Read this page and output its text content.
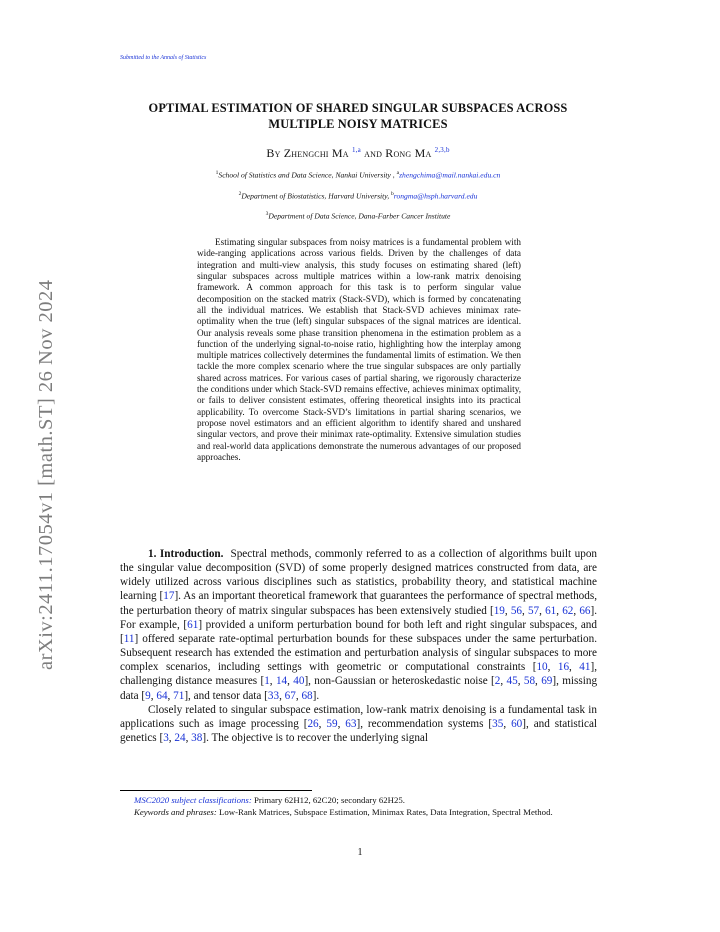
Submitted to the Annals of Statistics
OPTIMAL ESTIMATION OF SHARED SINGULAR SUBSPACES ACROSS
MULTIPLE NOISY MATRICES
By Zhengchi Ma $^{1,a}$ and Rong Ma $^{2,3,b}$
$^1$School of Statistics and Data Science, Nankai University , $^a$zhengchima@mail.nankai.edu.cn
$^2$Department of Biostatistics, Harvard University, $^b$rongma@hsph.harvard.edu
$^3$Department of Data Science, Dana-Farber Cancer Institute
Estimating singular subspaces from noisy matrices is a fundamental problem with wide-ranging applications across various fields. Driven by the challenges of data integration and multi-view analysis, this study focuses on estimating shared (left) singular subspaces across multiple matrices within a low-rank matrix denoising framework. A common approach for this task is to perform singular value decomposition on the stacked matrix (Stack-SVD), which is formed by concatenating all the individual matrices. We establish that Stack-SVD achieves minimax rate-optimality when the true (left) singular subspaces of the signal matrices are identical. Our analysis reveals some phase transition phenomena in the estimation problem as a function of the underlying signal-to-noise ratio, highlighting how the interplay among multiple matrices collectively determines the fundamental limits of estimation. We then tackle the more complex scenario where the true singular subspaces are only partially shared across matrices. For various cases of partial sharing, we rigorously characterize the conditions under which Stack-SVD remains effective, achieves minimax optimality, or fails to deliver consistent estimates, offering theoretical insights into its practical applicability. To overcome Stack-SVD’s limitations in partial sharing scenarios, we propose novel estimators and an efficient algorithm to identify shared and unshared singular vectors, and prove their minimax rate-optimality. Extensive simulation studies and real-world data applications demonstrate the numerous advantages of our proposed approaches.

1. Introduction. Spectral methods, commonly referred to as a collection of algorithms built upon the singular value decomposition (SVD) of some properly designed matrices constructed from data, are widely utilized across various disciplines such as statistics, probability theory, and statistical machine learning [17]. As an important theoretical framework that guarantees the performance of spectral methods, the perturbation theory of matrix singular subspaces has been extensively studied [19, 56, 57, 61, 62, 66]. For example, [61] provided a uniform perturbation bound for both left and right singular subspaces, and [11] offered separate rate-optimal perturbation bounds for these subspaces under the same perturbation. Subsequent research has extended the estimation and perturbation analysis of singular subspaces to more complex scenarios, including settings with geometric or computational constraints [10, 16, 41], challenging distance measures [1, 14, 40], non-Gaussian or heteroskedastic noise [2, 45, 58, 69], missing data [9, 64, 71], and tensor data [33, 67, 68].

Closely related to singular subspace estimation, low-rank matrix denoising is a fundamental task in applications such as image processing [26, 59, 63], recommendation systems [35, 60], and statistical genetics [3, 24, 38]. The objective is to recover the underlying signal

MSC2020 subject classifications: Primary 62H12, 62C20; secondary 62H25.

Keywords and phrases: Low-Rank Matrices, Subspace Estimation, Minimax Rates, Data Integration, Spectral Method.

1
arXiv:2411.17054v1 [math.ST] 26 Nov 2024
